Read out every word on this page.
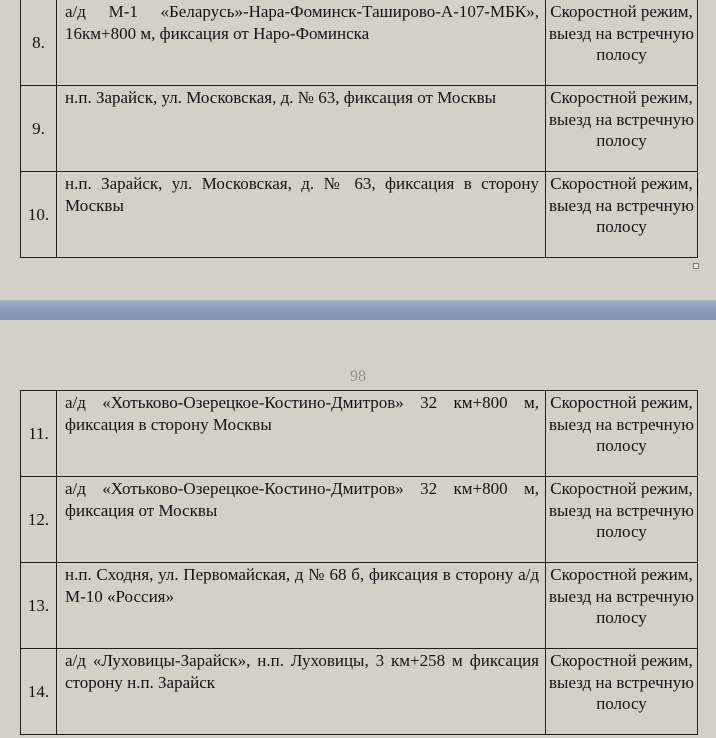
8.	а/д М-1 «Беларусь»-Нара-Фоминск-Таширово-А-107-МБК», 16км+800 м, фиксация от Наро-Фоминска	Скоростной режим, выезд на встречную полосу
9.	н.п. Зарайск, ул. Московская, д. № 63, фиксация от Москвы	Скоростной режим, выезд на встречную полосу
10.	н.п. Зарайск, ул. Московская, д. № 63, фиксация в сторону Москвы	Скоростной режим, выезд на встречную полосу
98
11.	а/д «Хотьково-Озерецкое-Костино-Дмитров» 32 км+800 м, фиксация в сторону Москвы	Скоростной режим, выезд на встречную полосу
12.	а/д «Хотьково-Озерецкое-Костино-Дмитров» 32 км+800 м, фиксация от Москвы	Скоростной режим, выезд на встречную полосу
13.	н.п. Сходня, ул. Первомайская, д № 68 б, фиксация в сторону а/д М-10 «Россия»	Скоростной режим, выезд на встречную полосу
14.	а/д «Луховицы-Зарайск», н.п. Луховицы, 3 км+258 м фиксация сторону н.п. Зарайск	Скоростной режим, выезд на встречную полосу
